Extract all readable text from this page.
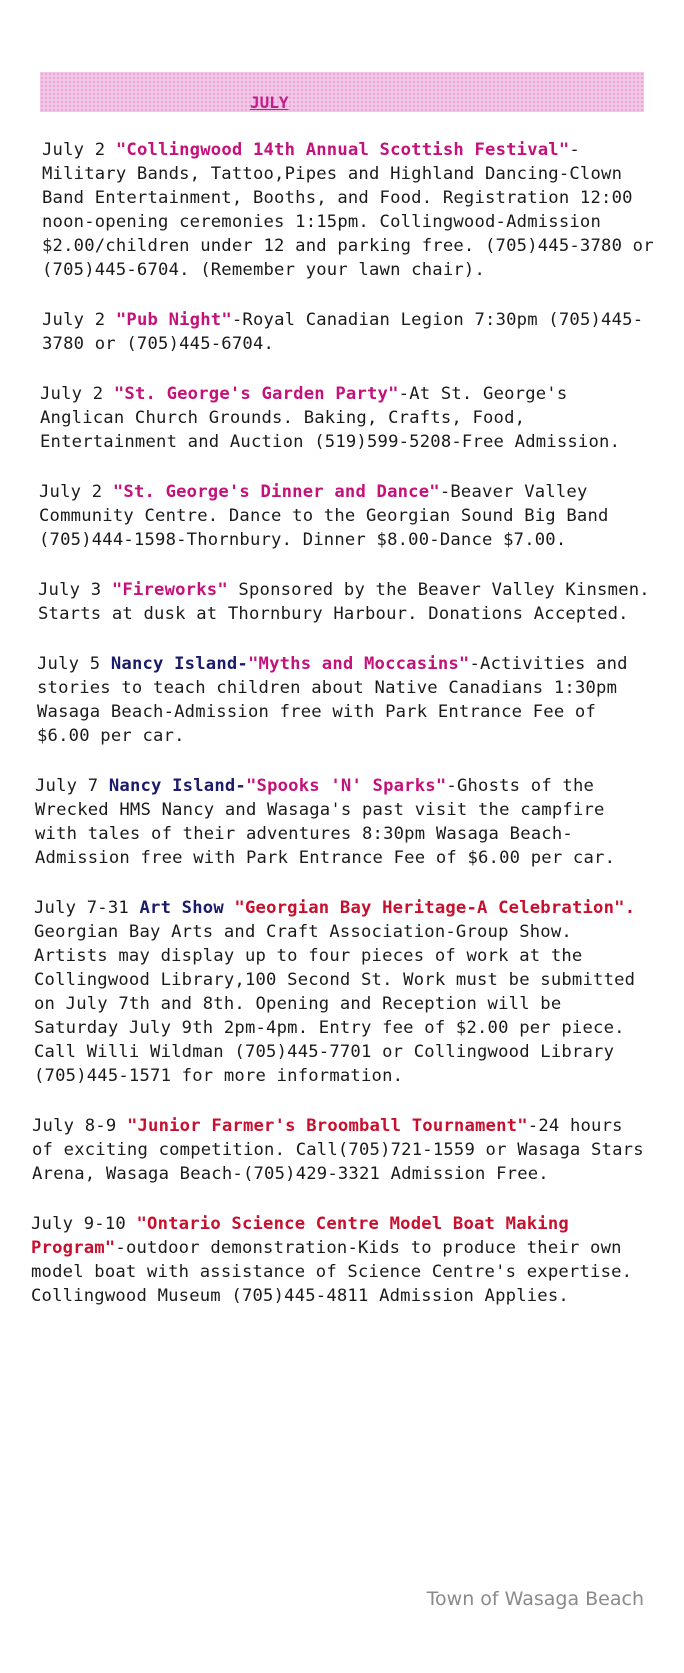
JULY

July 2 "Collingwood 14th Annual Scottish Festival"-Military Bands, Tattoo,Pipes and Highland Dancing-Clown Band Entertainment, Booths, and Food. Registration 12:00 noon-opening ceremonies 1:15pm. Collingwood-Admission $2.00/children under 12 and parking free. (705)445-3780 or (705)445-6704. (Remember your lawn chair).

July 2 "Pub Night"-Royal Canadian Legion 7:30pm (705)445-3780 or (705)445-6704.

July 2 "St. George's Garden Party"-At St. George's Anglican Church Grounds. Baking, Crafts, Food, Entertainment and Auction (519)599-5208-Free Admission.

July 2 "St. George's Dinner and Dance"-Beaver Valley Community Centre. Dance to the Georgian Sound Big Band (705)444-1598-Thornbury. Dinner $8.00-Dance $7.00.

July 3 "Fireworks" Sponsored by the Beaver Valley Kinsmen. Starts at dusk at Thornbury Harbour. Donations Accepted.

July 5 Nancy Island-"Myths and Moccasins"-Activities and stories to teach children about Native Canadians 1:30pm Wasaga Beach-Admission free with Park Entrance Fee of $6.00 per car.

July 7 Nancy Island-"Spooks 'N' Sparks"-Ghosts of the Wrecked HMS Nancy and Wasaga's past visit the campfire with tales of their adventures 8:30pm Wasaga Beach-Admission free with Park Entrance Fee of $6.00 per car.

July 7-31 Art Show "Georgian Bay Heritage-A Celebration". Georgian Bay Arts and Craft Association-Group Show. Artists may display up to four pieces of work at the Collingwood Library,100 Second St. Work must be submitted on July 7th and 8th. Opening and Reception will be Saturday July 9th 2pm-4pm. Entry fee of $2.00 per piece. Call Willi Wildman (705)445-7701 or Collingwood Library (705)445-1571 for more information.

July 8-9 "Junior Farmer's Broomball Tournament"-24 hours of exciting competition. Call(705)721-1559 or Wasaga Stars Arena, Wasaga Beach-(705)429-3321 Admission Free.

July 9-10 "Ontario Science Centre Model Boat Making Program"-outdoor demonstration-Kids to produce their own model boat with assistance of Science Centre's expertise. Collingwood Museum (705)445-4811 Admission Applies.

Town of Wasaga Beach
